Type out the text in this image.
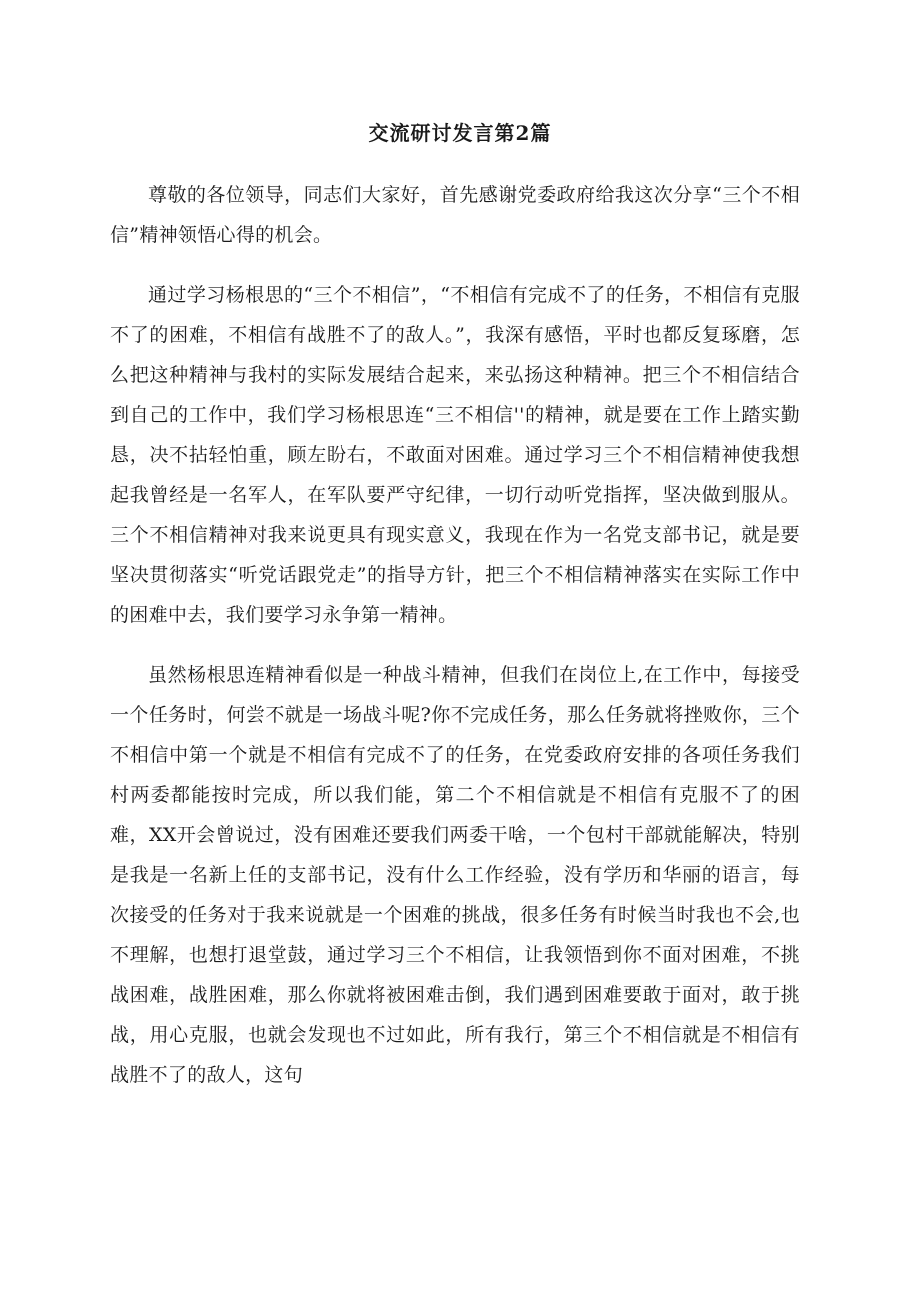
交流研讨发言第2篇

尊敬的各位领导，同志们大家好，首先感谢党委政府给我这次分享“三个不相信”精神领悟心得的机会。

通过学习杨根思的“三个不相信”，“不相信有完成不了的任务，不相信有克服不了的困难，不相信有战胜不了的敌人。”，我深有感悟，平时也都反复琢磨，怎么把这种精神与我村的实际发展结合起来，来弘扬这种精神。把三个不相信结合到自己的工作中，我们学习杨根思连“三不相信''的精神，就是要在工作上踏实勤恳，决不拈轻怕重，顾左盼右，不敢面对困难。通过学习三个不相信精神使我想起我曾经是一名军人，在军队要严守纪律，一切行动听党指挥，坚决做到服从。三个不相信精神对我来说更具有现实意义，我现在作为一名党支部书记，就是要坚决贯彻落实“听党话跟党走”的指导方针，把三个不相信精神落实在实际工作中的困难中去，我们要学习永争第一精神。

虽然杨根思连精神看似是一种战斗精神，但我们在岗位上,在工作中，每接受一个任务时，何尝不就是一场战斗呢?你不完成任务，那么任务就将挫败你，三个不相信中第一个就是不相信有完成不了的任务，在党委政府安排的各项任务我们村两委都能按时完成，所以我们能，第二个不相信就是不相信有克服不了的困难，XX开会曾说过，没有困难还要我们两委干啥，一个包村干部就能解决，特别是我是一名新上任的支部书记，没有什么工作经验，没有学历和华丽的语言，每次接受的任务对于我来说就是一个困难的挑战，很多任务有时候当时我也不会,也不理解，也想打退堂鼓，通过学习三个不相信，让我领悟到你不面对困难，不挑战困难，战胜困难，那么你就将被困难击倒，我们遇到困难要敢于面对，敢于挑战，用心克服，也就会发现也不过如此，所有我行，第三个不相信就是不相信有战胜不了的敌人，这句
